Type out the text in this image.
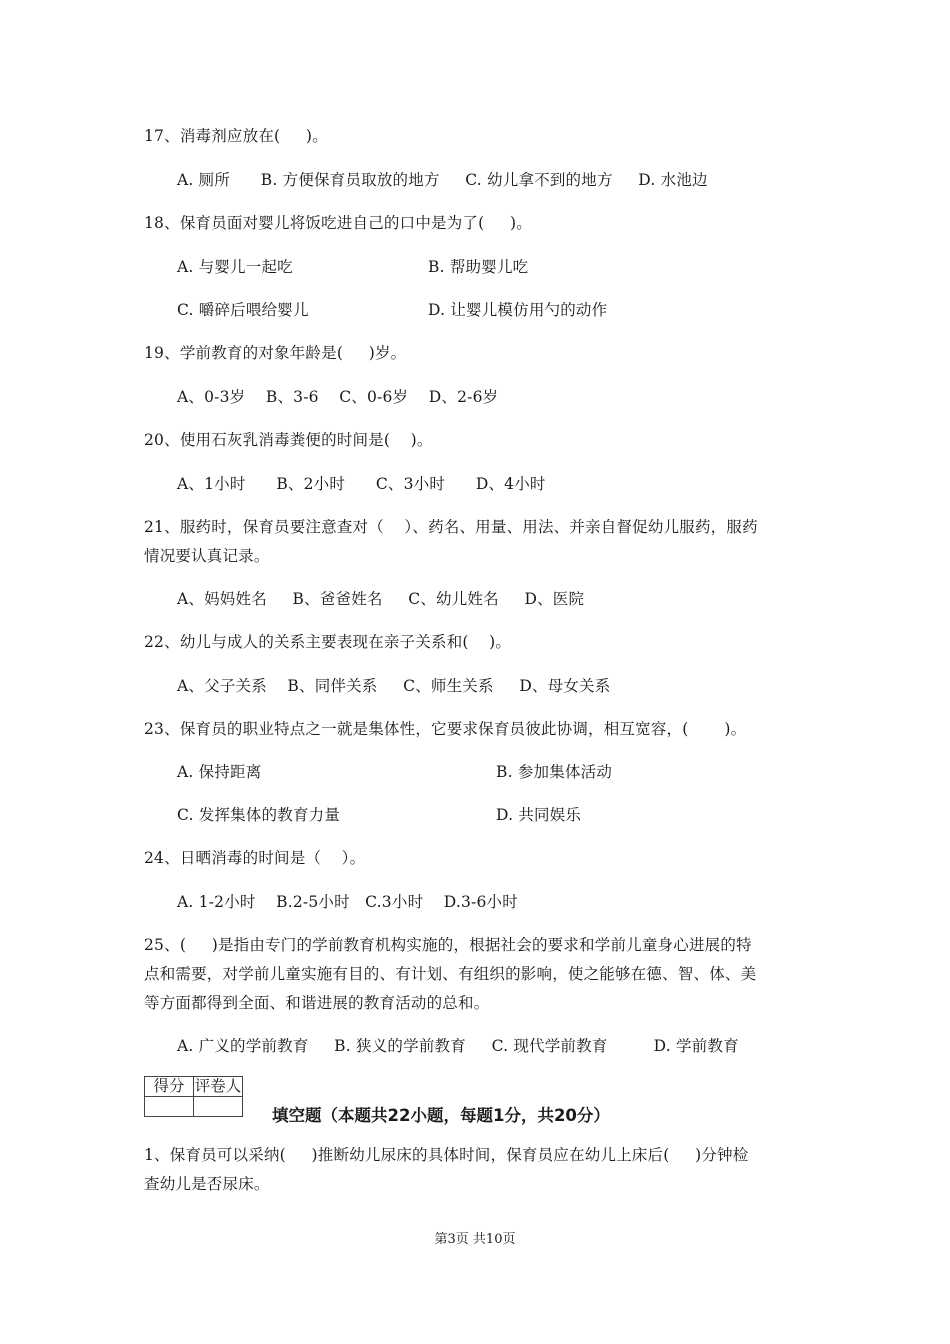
17、消毒剂应放在(     )。
A. 厕所      B. 方便保育员取放的地方     C. 幼儿拿不到的地方     D. 水池边
18、保育员面对婴儿将饭吃进自己的口中是为了(     )。
A. 与婴儿一起吃	B. 帮助婴儿吃
C. 嚼碎后喂给婴儿	D. 让婴儿模仿用勺的动作
19、学前教育的对象年龄是(     )岁。
A、0-3岁    B、3-6    C、0-6岁    D、2-6岁
20、使用石灰乳消毒粪便的时间是(    )。
A、1小时      B、2小时      C、3小时      D、4小时
21、服药时，保育员要注意查对（    ）、药名、用量、用法、并亲自督促幼儿服药，服药
情况要认真记录。
A、妈妈姓名     B、爸爸姓名     C、幼儿姓名     D、医院
22、幼儿与成人的关系主要表现在亲子关系和(    )。
A、父子关系    B、同伴关系     C、师生关系     D、母女关系
23、保育员的职业特点之一就是集体性，它要求保育员彼此协调，相互宽容，(       )。
A. 保持距离	B. 参加集体活动
C. 发挥集体的教育力量	D. 共同娱乐
24、日晒消毒的时间是（    ）。
A. 1-2小时    B.2-5小时   C.3小时    D.3-6小时
25、(     )是指由专门的学前教育机构实施的，根据社会的要求和学前儿童身心进展的特
点和需要，对学前儿童实施有目的、有计划、有组织的影响，使之能够在德、智、体、美
等方面都得到全面、和谐进展的教育活动的总和。
A. 广义的学前教育     B. 狭义的学前教育     C. 现代学前教育         D. 学前教育
得分	评卷人

填空题（本题共22小题，每题1分，共20分）
1、保育员可以采纳(     )推断幼儿尿床的具体时间，保育员应在幼儿上床后(     )分钟检
查幼儿是否尿床。
第3页 共10页
